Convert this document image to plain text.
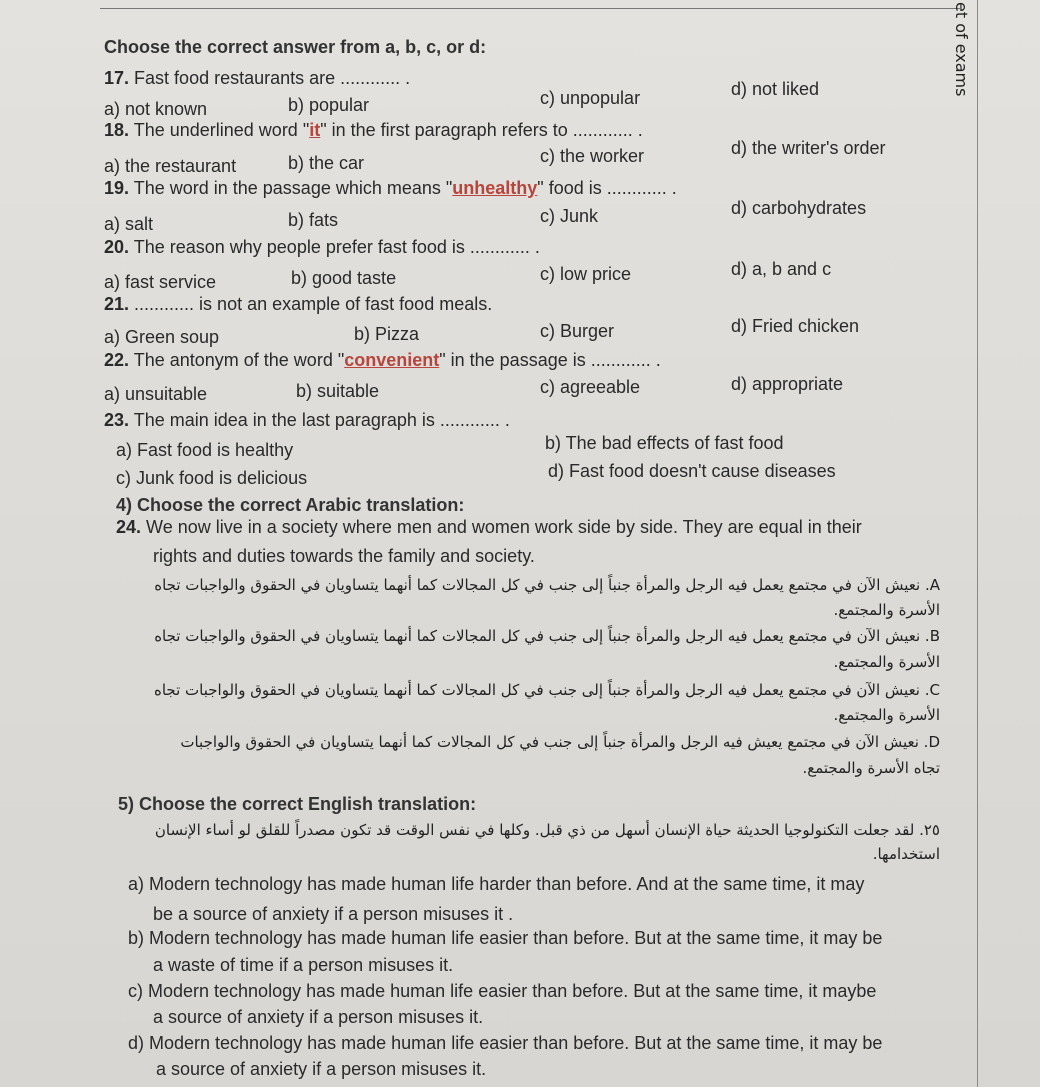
et of exams
Choose the correct answer from a, b, c, or d:
17. Fast food restaurants are ............ .
a) not known	b) popular	c) unpopular	d) not liked
18. The underlined word "it" in the first paragraph refers to ............ .
a) the restaurant	b) the car	c) the worker	d) the writer's order
19. The word in the passage which means "unhealthy" food is ............ .
a) salt	b) fats	c) Junk	d) carbohydrates
20. The reason why people prefer fast food is ............ .
a) fast service	b) good taste	c) low price	d) a, b and c
21. ............ is not an example of fast food meals.
a) Green soup	b) Pizza	c) Burger	d) Fried chicken
22. The antonym of the word "convenient" in the passage is ............ .
a) unsuitable	b) suitable	c) agreeable	d) appropriate
23. The main idea in the last paragraph is ............ .
a) Fast food is healthy	b) The bad effects of fast food
c) Junk food is delicious	d) Fast food doesn't cause diseases
4) Choose the correct Arabic translation:
24. We now live in a society where men and women work side by side. They are equal in their
rights and duties towards the family and society.
A. نعيش الآن في مجتمع يعمل فيه الرجل والمرأة جنباً إلى جنب في كل المجالات كما أنهما يتساويان في الحقوق والواجبات تجاه
الأسرة والمجتمع.
B. نعيش الآن في مجتمع يعمل فيه الرجل والمرأة جنباً إلى جنب في كل المجالات كما أنهما يتساويان في الحقوق والواجبات تجاه
الأسرة والمجتمع.
C. نعيش الآن في مجتمع يعمل فيه الرجل والمرأة جنباً إلى جنب في كل المجالات كما أنهما يتساويان في الحقوق والواجبات تجاه
الأسرة والمجتمع.
D. نعيش الآن في مجتمع يعيش فيه الرجل والمرأة جنباً إلى جنب في كل المجالات كما أنهما يتساويان في الحقوق والواجبات
تجاه الأسرة والمجتمع.
5) Choose the correct English translation:
٢٥. لقد جعلت التكنولوجيا الحديثة حياة الإنسان أسهل من ذي قبل. وكلها في نفس الوقت قد تكون مصدراً للقلق لو أساء الإنسان
استخدامها.
a) Modern technology has made human life harder than before. And at the same time, it may
be a source of anxiety if a person misuses it .
b) Modern technology has made human life easier than before. But at the same time, it may be
a waste of time if a person misuses it.
c) Modern technology has made human life easier than before. But at the same time, it maybe
a source of anxiety if a person misuses it.
d) Modern technology has made human life easier than before. But at the same time, it may be
a source of anxiety if a person misuses it.
